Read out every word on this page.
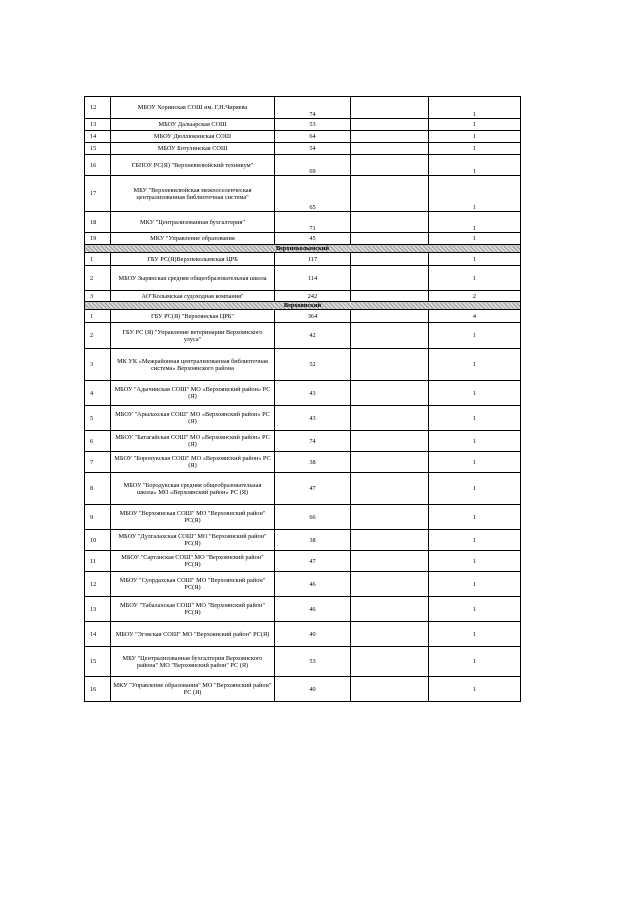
12	МБОУ Хоринская СОШ им. Г.Н.Чиряева	74		1
13	МБОУ Дальырская СОШ	53		1
14	МБОУ Дюллюкинская СОШ	64		1
15	МБОУ Ботулинская СОШ	54		1
16	ГБПОУ РС(Я) "Верхневилюйский техникум"	69		1
17	МБУ "Верхневилюйская межпоселенческая централизованная библиотечная система"	65		1
18	МКУ "Централизованная бухгалтерия"	71		1
19	МКУ "Управление образования	45		1
Верхнеколымский				
1	ГБУ РС(Я)Верхнеколымская ЦРБ	117		1
2	МБОУ Зырянская средняя общеобразовательная школа	114		1
3	АО"Колымская судоходная компания"	242		2
Верхоянский				
1	ГБУ РС(Я) "Верхоянская ЦРБ"	364		4
2	ГБУ РС (Я) "Управление ветеринарии Верхоянского улуса"	42		1
3	МК УК «Межрайонная централизованная библиотечная система» Верхоянского района	52		1
4	МБОУ "Адычинская СОШ" МО «Верхоянский район» РС (Я)	43		1
5	МБОУ "Арылахская СОШ" МО «Верхоянский район» РС (Я)	43		1
6	МБОУ "Батагайская СОШ" МО «Верхоянский район» РС (Я)	74		1
7	МБОУ "Боронукская СОШ" МО «Верхоянский район» РС (Я)	38		1
8	МБОУ "Бородукская средняя общеобразовательная школа» МО «Верхоянский район» РС (Я)	47		1
9	МБОУ "Верхоянская СОШ" МО "Верхоянский район" РС(Я)	66		1
10	МБОУ "Дулгалахская СОШ" МО "Верхоянский район" РС(Я)	38		1
11	МБОУ "Сартанская СОШ" МО "Верхоянский район" РС(Я)	47		1
12	МБОУ "Суордахская СОШ" МО "Верхоянский район" РС(Я)	46		1
13	МБОУ "Табалахская СОШ" МО "Верхоянский район" РС(Я)	46		1
14	МБОУ "Эгэвская СОШ" МО "Верхоянский район" РС(Я)	40		1
15	МБУ "Централизованная бухгалтерия Верхоянского района" МО "Верхоянский район" РС (Я)	53		1
16	МКУ "Управление образования" МО "Верхоянский район" РС (Я)	40		1
